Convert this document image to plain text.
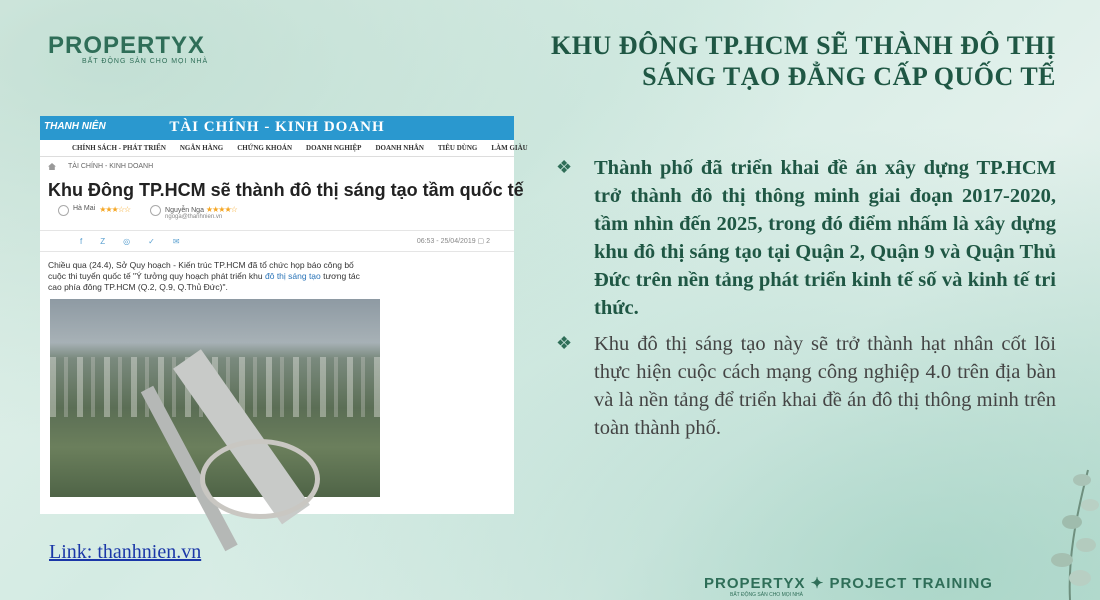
PROPERTYX
BẤT ĐỘNG SẢN CHO MỌI NHÀ
KHU ĐÔNG TP.HCM SẼ THÀNH ĐÔ THỊ
SÁNG TẠO ĐẲNG CẤP QUỐC TẾ
THANH NIÊN	TÀI CHÍNH - KINH DOANH
CHÍNH SÁCH - PHÁT TRIỂN NGÂN HÀNG CHỨNG KHOÁN DOANH NGHIỆP DOANH NHÂN TIÊU DÙNG LÀM GIÀU
TÀI CHÍNH - KINH DOANH
Khu Đông TP.HCM sẽ thành đô thị sáng tạo tầm quốc tế
Hà Mai ★★★☆☆	Nguyễn Nga ★★★★☆
ngoga@thanhnien.vn
f Z ◎ ✓ ✉	06:53 - 25/04/2019 ▢ 2
Chiều qua (24.4), Sở Quy hoạch - Kiến trúc TP.HCM đã tổ chức họp báo công bố cuộc thi tuyển quốc tế "Ý tưởng quy hoạch phát triển khu đô thị sáng tạo tương tác cao phía đông TP.HCM (Q.2, Q.9, Q.Thủ Đức)".
❖	Thành phố đã triển khai đề án xây dựng TP.HCM trở thành đô thị thông minh giai đoạn 2017-2020, tầm nhìn đến 2025, trong đó điểm nhấm là xây dựng khu đô thị sáng tạo tại Quận 2, Quận 9 và Quận Thủ Đức trên nền tảng phát triển kinh tế số và kinh tế tri thức.
❖	Khu đô thị sáng tạo này sẽ trở thành hạt nhân cốt lõi thực hiện cuộc cách mạng công nghiệp 4.0 trên địa bàn và là nền tảng để triển khai đề án đô thị thông minh trên toàn thành phố.
Link: thanhnien.vn
PROPERTYX ✦ PROJECT TRAINING
BẤT ĐỘNG SẢN CHO MỌI NHÀ
